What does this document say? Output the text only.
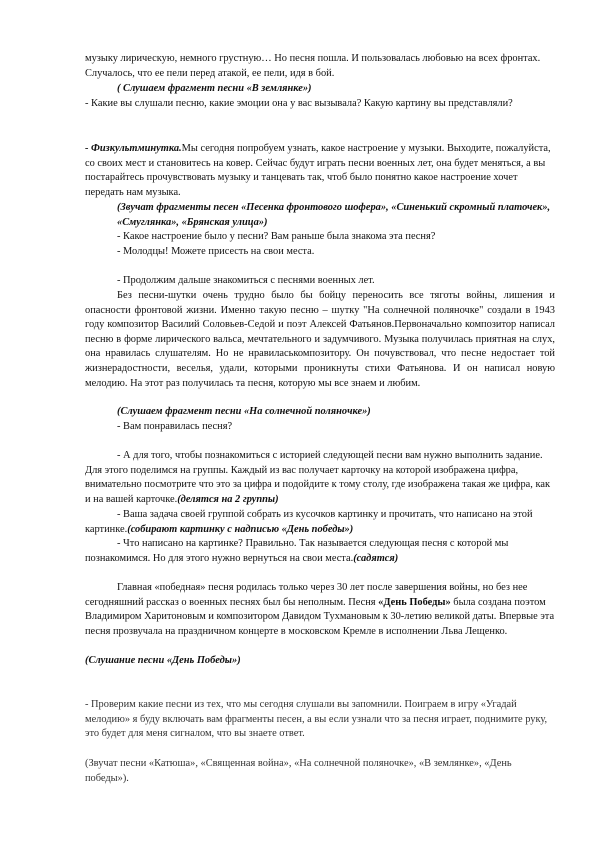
музыку лирическую, немного грустную… Но песня пошла. И пользовалась любовью на всех фронтах. Случалось, что ее пели перед атакой, ее пели, идя в бой.

( Слушаем фрагмент песни «В землянке»)

- Какие вы слушали песню, какие эмоции она у вас вызывала? Какую картину вы представляли?

- Физкультминутка.Мы сегодня попробуем узнать, какое настроение у музыки. Выходите, пожалуйста, со своих мест и становитесь на ковер. Сейчас будут играть песни военных лет, она будет меняться, а вы постарайтесь прочувствовать музыку и танцевать так, чтоб было понятно какое настроение хочет передать нам музыка.

(Звучат фрагменты песен «Песенка фронтового шофера», «Синенький скромный платочек», «Смуглянка», «Брянская улица»)

- Какое настроение было у песни? Вам раньше была знакома эта песня?

- Молодцы! Можете присесть на свои места.

- Продолжим дальше знакомиться с песнями военных лет.

Без песни-шутки очень трудно было бы бойцу переносить все тяготы войны, лишения и опасности фронтовой жизни. Именно такую песню – шутку "На солнечной поляночке" создали в 1943 году композитор Василий Соловьев-Седой и поэт Алексей Фатьянов.Первоначально композитор написал песню в форме лирического вальса, мечтательного и задумчивого. Музыка получилась приятная на слух, она нравилась слушателям. Но не нравиласькомпозитору. Он почувствовал, что песне недостает той жизнерадостности, веселья, удали, которыми проникнуты стихи Фатьянова. И он написал новую мелодию. На этот раз получилась та песня, которую мы все знаем и любим.

(Слушаем фрагмент песни «На солнечной полянoчке»)

- Вам понравилась песня?

- А для того, чтобы познакомиться с историей следующей песни вам нужно выполнить задание. Для этого поделимся на группы. Каждый из вас получает карточку на которой изображена цифра, внимательно посмотрите что это за цифра и подойдите к тому столу, где изображена такая же цифра, как и на вашей карточке.(делятся на 2 группы)

- Ваша задача своей группой собрать из кусочков картинку и прочитать, что написано на этой картинке.(собирают картинку с надписью «День победы»)

- Что написано на картинке? Правильно. Так называется следующая песня с которой мы познакомимся. Но для этого нужно вернуться на свои места.(садятся)

Главная «победная» песня родилась только через 30 лет после завершения войны, но без нее сегодняшний рассказ о военных песнях был бы неполным. Песня «День Победы» была создана поэтом Владимиром Харитоновым и композитором Давидом Тухмановым к 30-летию великой даты. Впервые эта песня прозвучала на праздничном концерте в московском Кремле в исполнении Льва Лещенко.

(Слушание песни «День Победы»)

- Проверим какие песни из тех, что мы сегодня слушали вы запомнили. Поиграем в игру «Угадай мелодию» я буду включать вам фрагменты песен, а вы если узнали что за песня играет, поднимите руку, это будет для меня сигналом, что вы знаете ответ.

(Звучат песни «Катюша», «Священная война», «На солнечной поляночке», «В землянке», «День победы»).
